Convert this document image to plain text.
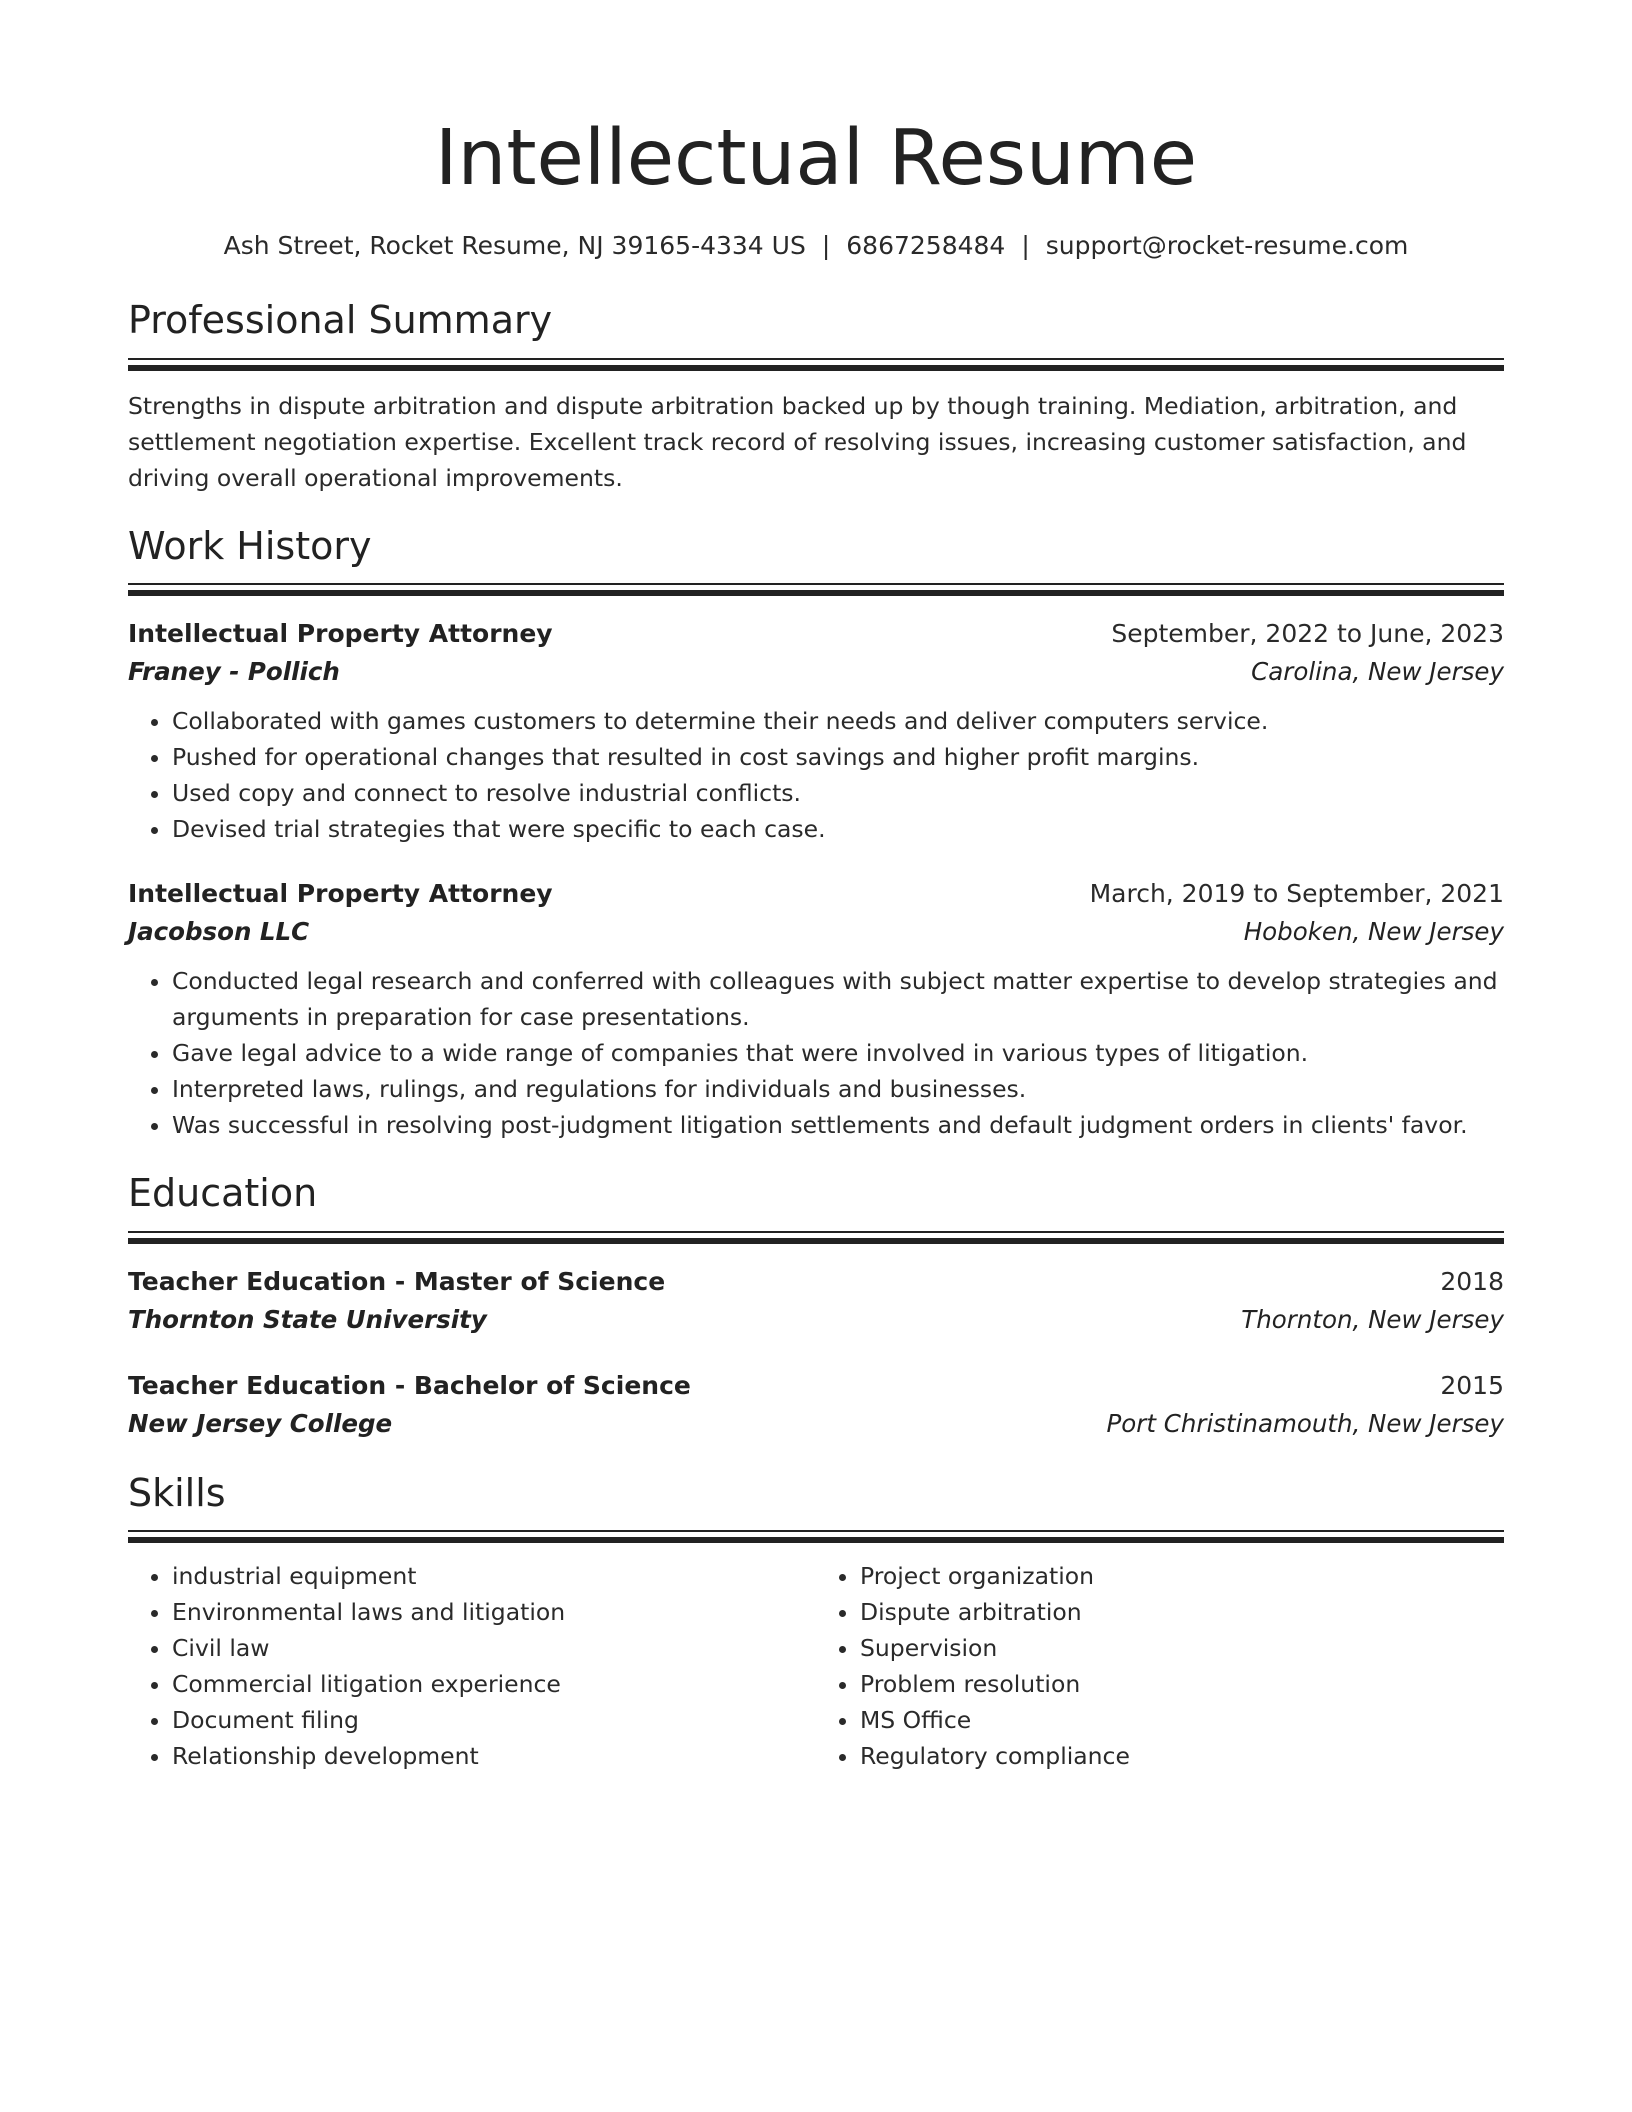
Intellectual Resume
Ash Street, Rocket Resume, NJ 39165-4334 US | 6867258484 | support@rocket-resume.com
Professional Summary
Strengths in dispute arbitration and dispute arbitration backed up by though training. Mediation, arbitration, and settlement negotiation expertise. Excellent track record of resolving issues, increasing customer satisfaction, and driving overall operational improvements.
Work History
Intellectual Property Attorney	September, 2022 to June, 2023
Franey - Pollich	Carolina, New Jersey
• Collaborated with games customers to determine their needs and deliver computers service.
• Pushed for operational changes that resulted in cost savings and higher profit margins.
• Used copy and connect to resolve industrial conflicts.
• Devised trial strategies that were specific to each case.
Intellectual Property Attorney	March, 2019 to September, 2021
Jacobson LLC	Hoboken, New Jersey
• Conducted legal research and conferred with colleagues with subject matter expertise to develop strategies and arguments in preparation for case presentations.
• Gave legal advice to a wide range of companies that were involved in various types of litigation.
• Interpreted laws, rulings, and regulations for individuals and businesses.
• Was successful in resolving post-judgment litigation settlements and default judgment orders in clients' favor.
Education
Teacher Education - Master of Science	2018
Thornton State University	Thornton, New Jersey
Teacher Education - Bachelor of Science	2015
New Jersey College	Port Christinamouth, New Jersey
Skills
• industrial equipment
• Environmental laws and litigation
• Civil law
• Commercial litigation experience
• Document filing
• Relationship development
• Project organization
• Dispute arbitration
• Supervision
• Problem resolution
• MS Office
• Regulatory compliance
